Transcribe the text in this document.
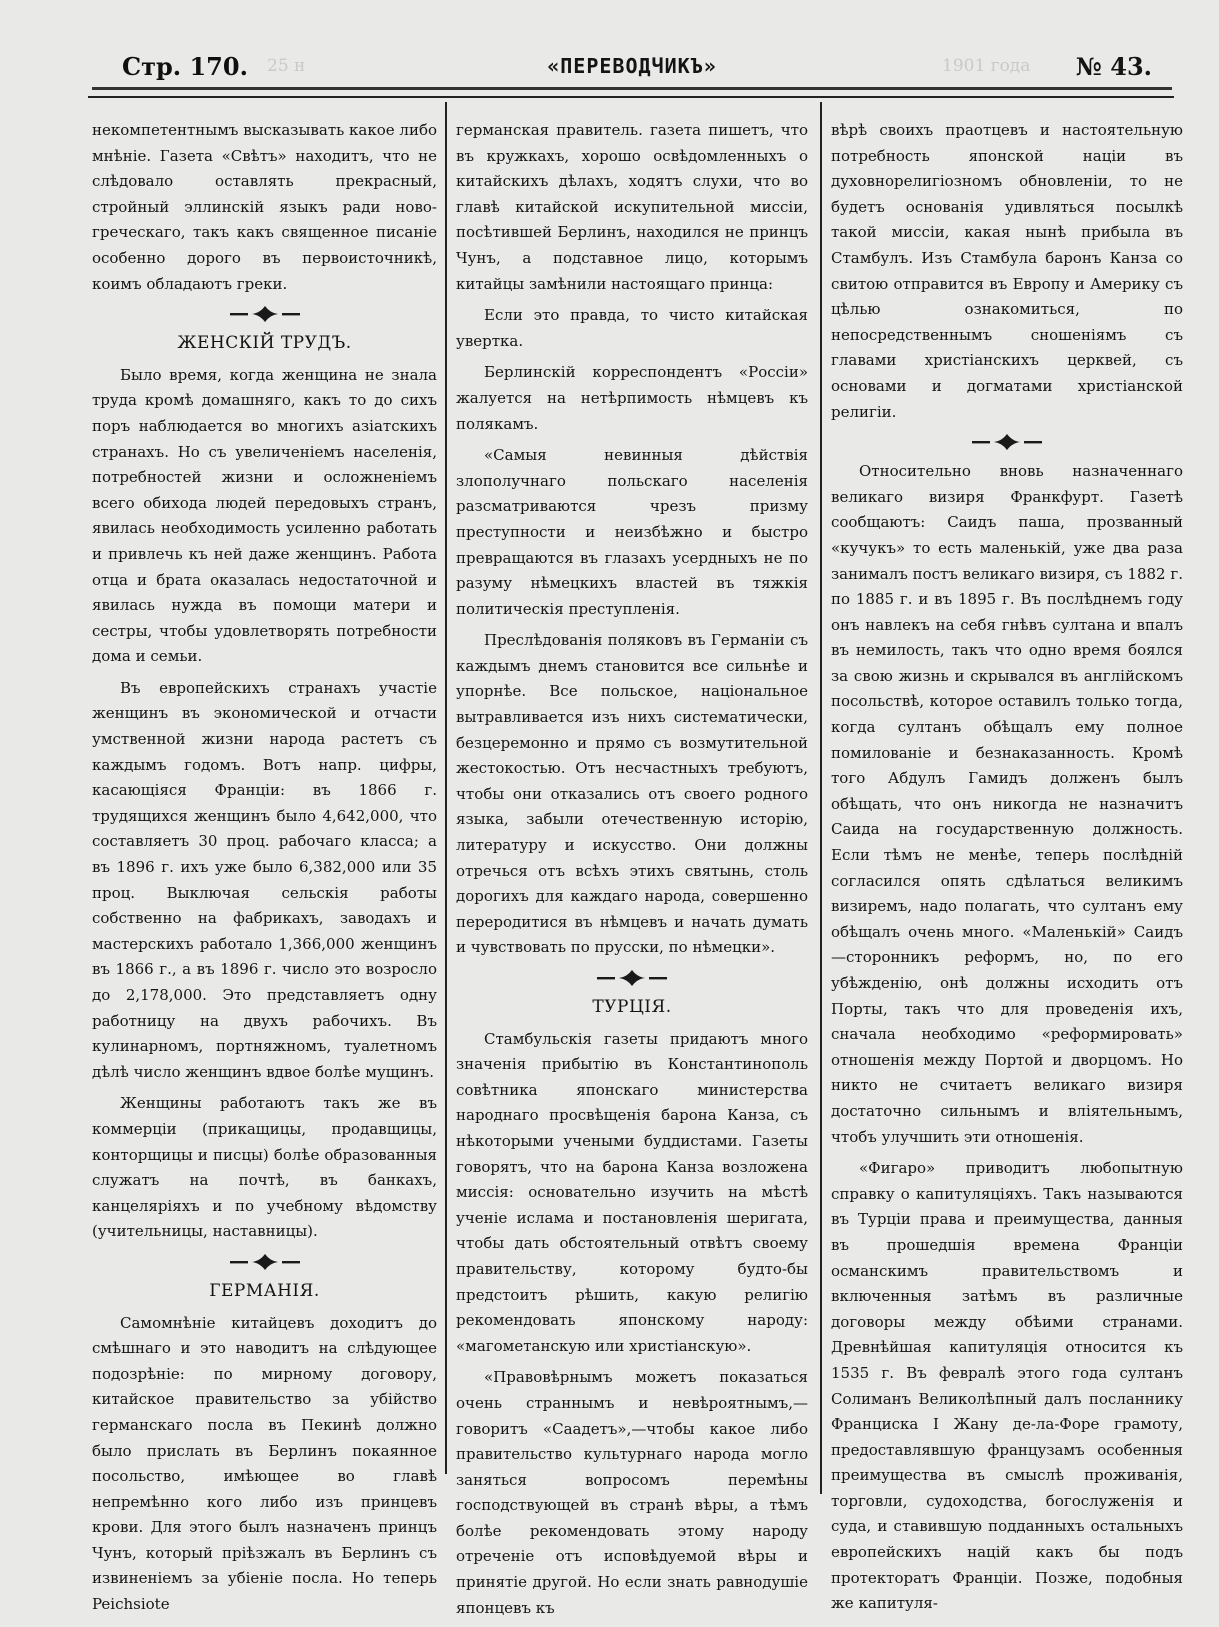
25 н	1901 года
Стр. 170.	«ПЕРЕВОДЧИКЪ»	№ 43.

некомпетентнымъ высказывать какое либо мнѣніе. Газета «Свѣтъ» находитъ, что не слѣдовало оставлять прекрасный, стройный эллинскій языкъ ради ново-греческаго, такъ какъ священное писаніе особенно дорого въ первоисточникѣ, коимъ обладаютъ греки.

ЖЕНСКІЙ ТРУДЪ.

Было время, когда женщина не знала труда кромѣ домашняго, какъ то до сихъ поръ наблюдается во многихъ азіатскихъ странахъ. Но съ увеличеніемъ населенія, потребностей жизни и осложненіемъ всего обихода людей передовыхъ странъ, явилась необходимость усиленно работать и привлечь къ ней даже женщинъ. Работа отца и брата оказалась недостаточной и явилась нужда въ помощи матери и сестры, чтобы удовлетворять потребности дома и семьи.

Въ европейскихъ странахъ участіе женщинъ въ экономической и отчасти умственной жизни народа растетъ съ каждымъ годомъ. Вотъ напр. цифры, касающіяся Франціи: въ 1866 г. трудящихся женщинъ было 4,642,000, что составляетъ 30 проц. рабочаго класса; а въ 1896 г. ихъ уже было 6,382,000 или 35 проц. Выключая сельскія работы собственно на фабрикахъ, заводахъ и мастерскихъ работало 1,366,000 женщинъ въ 1866 г., а въ 1896 г. число это возросло до 2,178,000. Это представляетъ одну работницу на двухъ рабочихъ. Въ кулинарномъ, портняжномъ, туалетномъ дѣлѣ число женщинъ вдвое болѣе мущинъ.

Женщины работаютъ такъ же въ коммерціи (прикащицы, продавщицы, конторщицы и писцы) болѣе образованныя служатъ на почтѣ, въ банкахъ, канцеляріяхъ и по учебному вѣдомству (учительницы, наставницы).

ГЕРМАНІЯ.

Самомнѣніе китайцевъ доходитъ до смѣшнаго и это наводитъ на слѣдующее подозрѣніе: по мирному договору, китайское правительство за убійство германскаго посла въ Пекинѣ должно было прислать въ Берлинъ покаянное посольство, имѣющее во главѣ непремѣнно кого либо изъ принцевъ крови. Для этого былъ назначенъ принцъ Чунъ, который пріѣзжалъ въ Берлинъ съ извиненіемъ за убіеніе посла. Но теперь Peichsiote

германская правитель. газета пишетъ, что въ кружкахъ, хорошо освѣдомленныхъ о китайскихъ дѣлахъ, ходятъ слухи, что во главѣ китайской искупительной миссіи, посѣтившей Берлинъ, находился не принцъ Чунъ, а подставное лицо, которымъ китайцы замѣнили настоящаго принца:

Если это правда, то чисто китайская увертка.

Берлинскій корреспондентъ «Россіи» жалуется на нетѣрпимость нѣмцевъ къ полякамъ.

«Самыя невинныя дѣйствія злополучнаго польскаго населенія разсматриваются чрезъ призму преступности и неизбѣжно и быстро превращаются въ глазахъ усердныхъ не по разуму нѣмецкихъ властей въ тяжкія политическія преступленія.

Преслѣдованія поляковъ въ Германіи съ каждымъ днемъ становится все сильнѣе и упорнѣе. Все польское, національное вытравливается изъ нихъ систематически, безцеремонно и прямо съ возмутительной жестокостью. Отъ несчастныхъ требуютъ, чтобы они отказались отъ своего родного языка, забыли отечественную исторію, литературу и искусство. Они должны отречься отъ всѣхъ этихъ святынь, столь дорогихъ для каждаго народа, совершенно переродитися въ нѣмцевъ и начать думать и чувствовать по прусски, по нѣмецки».

ТУРЦІЯ.

Стамбульскія газеты придаютъ много значенія прибытію въ Константинополь совѣтника японскаго министерства народнаго просвѣщенія барона Канза, съ нѣкоторыми учеными буддистами. Газеты говорятъ, что на барона Канза возложена миссія: основательно изучить на мѣстѣ ученіе ислама и постановленія шеригата, чтобы дать обстоятельный отвѣтъ своему правительству, которому будто-бы предстоитъ рѣшить, какую религію рекомендовать японскому народу: «магометанскую или христіанскую».

«Правовѣрнымъ можетъ показаться очень страннымъ и невѣроятнымъ,—говоритъ «Саадетъ»,—чтобы какое либо правительство культурнаго народа могло заняться вопросомъ перемѣны господствующей въ странѣ вѣры, а тѣмъ болѣе рекомендовать этому народу отреченіе отъ исповѣдуемой вѣры и принятіе другой. Но если знать равнодушіе японцевъ къ

вѣрѣ своихъ праотцевъ и настоятельную потребность японской націи въ духовнорелигіозномъ обновленіи, то не будетъ основанія удивляться посылкѣ такой миссіи, какая нынѣ прибыла въ Стамбулъ. Изъ Стамбула баронъ Канза со свитою отправится въ Европу и Америку съ цѣлью ознакомиться, по непосредственнымъ сношеніямъ съ главами христіанскихъ церквей, съ основами и догматами христіанской религіи.

Относительно вновь назначеннаго великаго визиря Франкфурт. Газетѣ сообщаютъ: Саидъ паша, прозванный «кучукъ» то есть маленькій, уже два раза занималъ постъ великаго визиря, съ 1882 г. по 1885 г. и въ 1895 г. Въ послѣднемъ году онъ навлекъ на себя гнѣвъ султана и впалъ въ немилость, такъ что одно время боялся за свою жизнь и скрывался въ англійскомъ посольствѣ, которое оставилъ только тогда, когда султанъ обѣщалъ ему полное помилованіе и безнаказанность. Кромѣ того Абдулъ Гамидъ долженъ былъ обѣщать, что онъ никогда не назначитъ Саида на государственную должность. Если тѣмъ не менѣе, теперь послѣдній согласился опять сдѣлаться великимъ визиремъ, надо полагать, что султанъ ему обѣщалъ очень много. «Маленькій» Саидъ—сторонникъ реформъ, но, по его убѣжденію, онѣ должны исходить отъ Порты, такъ что для проведенія ихъ, сначала необходимо «реформировать» отношенія между Портой и дворцомъ. Но никто не считаетъ великаго визиря достаточно сильнымъ и вліятельнымъ, чтобъ улучшить эти отношенія.

«Фигаро» приводитъ любопытную справку о капитуляціяхъ. Такъ называются въ Турціи права и преимущества, данныя въ прошедшія времена Франціи османскимъ правительствомъ и включенныя затѣмъ въ различные договоры между обѣими странами. Древнѣйшая капитуляція относится къ 1535 г. Въ февралѣ этого года султанъ Солиманъ Великолѣпный далъ посланнику Франциска I Жану де-ла-Форе грамоту, предоставлявшую французамъ особенныя преимущества въ смыслѣ проживанія, торговли, судоходства, богослуженія и суда, и ставившую подданныхъ остальныхъ европейскихъ націй какъ бы подъ протекторатъ Франціи. Позже, подобныя же капитуля-
